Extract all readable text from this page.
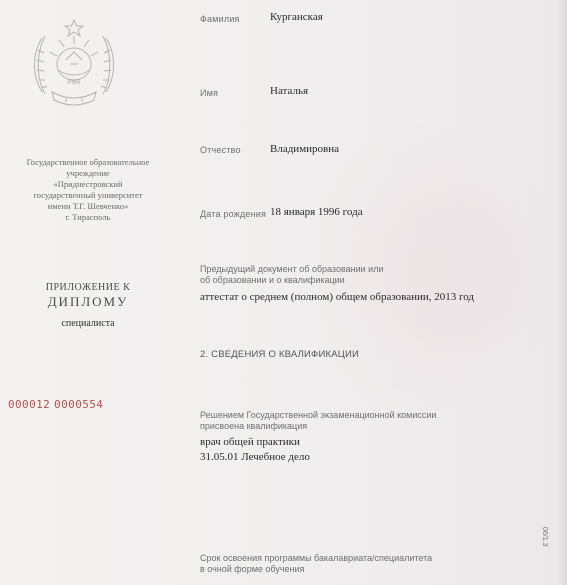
PMR
Государственное образовательное
учреждение
«Приднестровский
государственный университет
имени Т.Г. Шевченко»
г. Тирасполь
ПРИЛОЖЕНИЕ К
ДИПЛОМУ
специалиста
000012 0000554
Фамилия	Курганская
Имя	Наталья
Отчество	Владимировна
Дата рождения 18 января 1996 года
Предыдущий документ об образовании или
об образовании и о квалификации
аттестат о среднем (полном) общем образовании, 2013 год
2. СВЕДЕНИЯ О КВАЛИФИКАЦИИ
Решением Государственной экзаменационной комиссии
присвоена квалификация
врач общей практики
31.05.01 Лечебное дело
Срок освоения программы бакалавриата/специалитета
в очной форме обучения
06/1.3
